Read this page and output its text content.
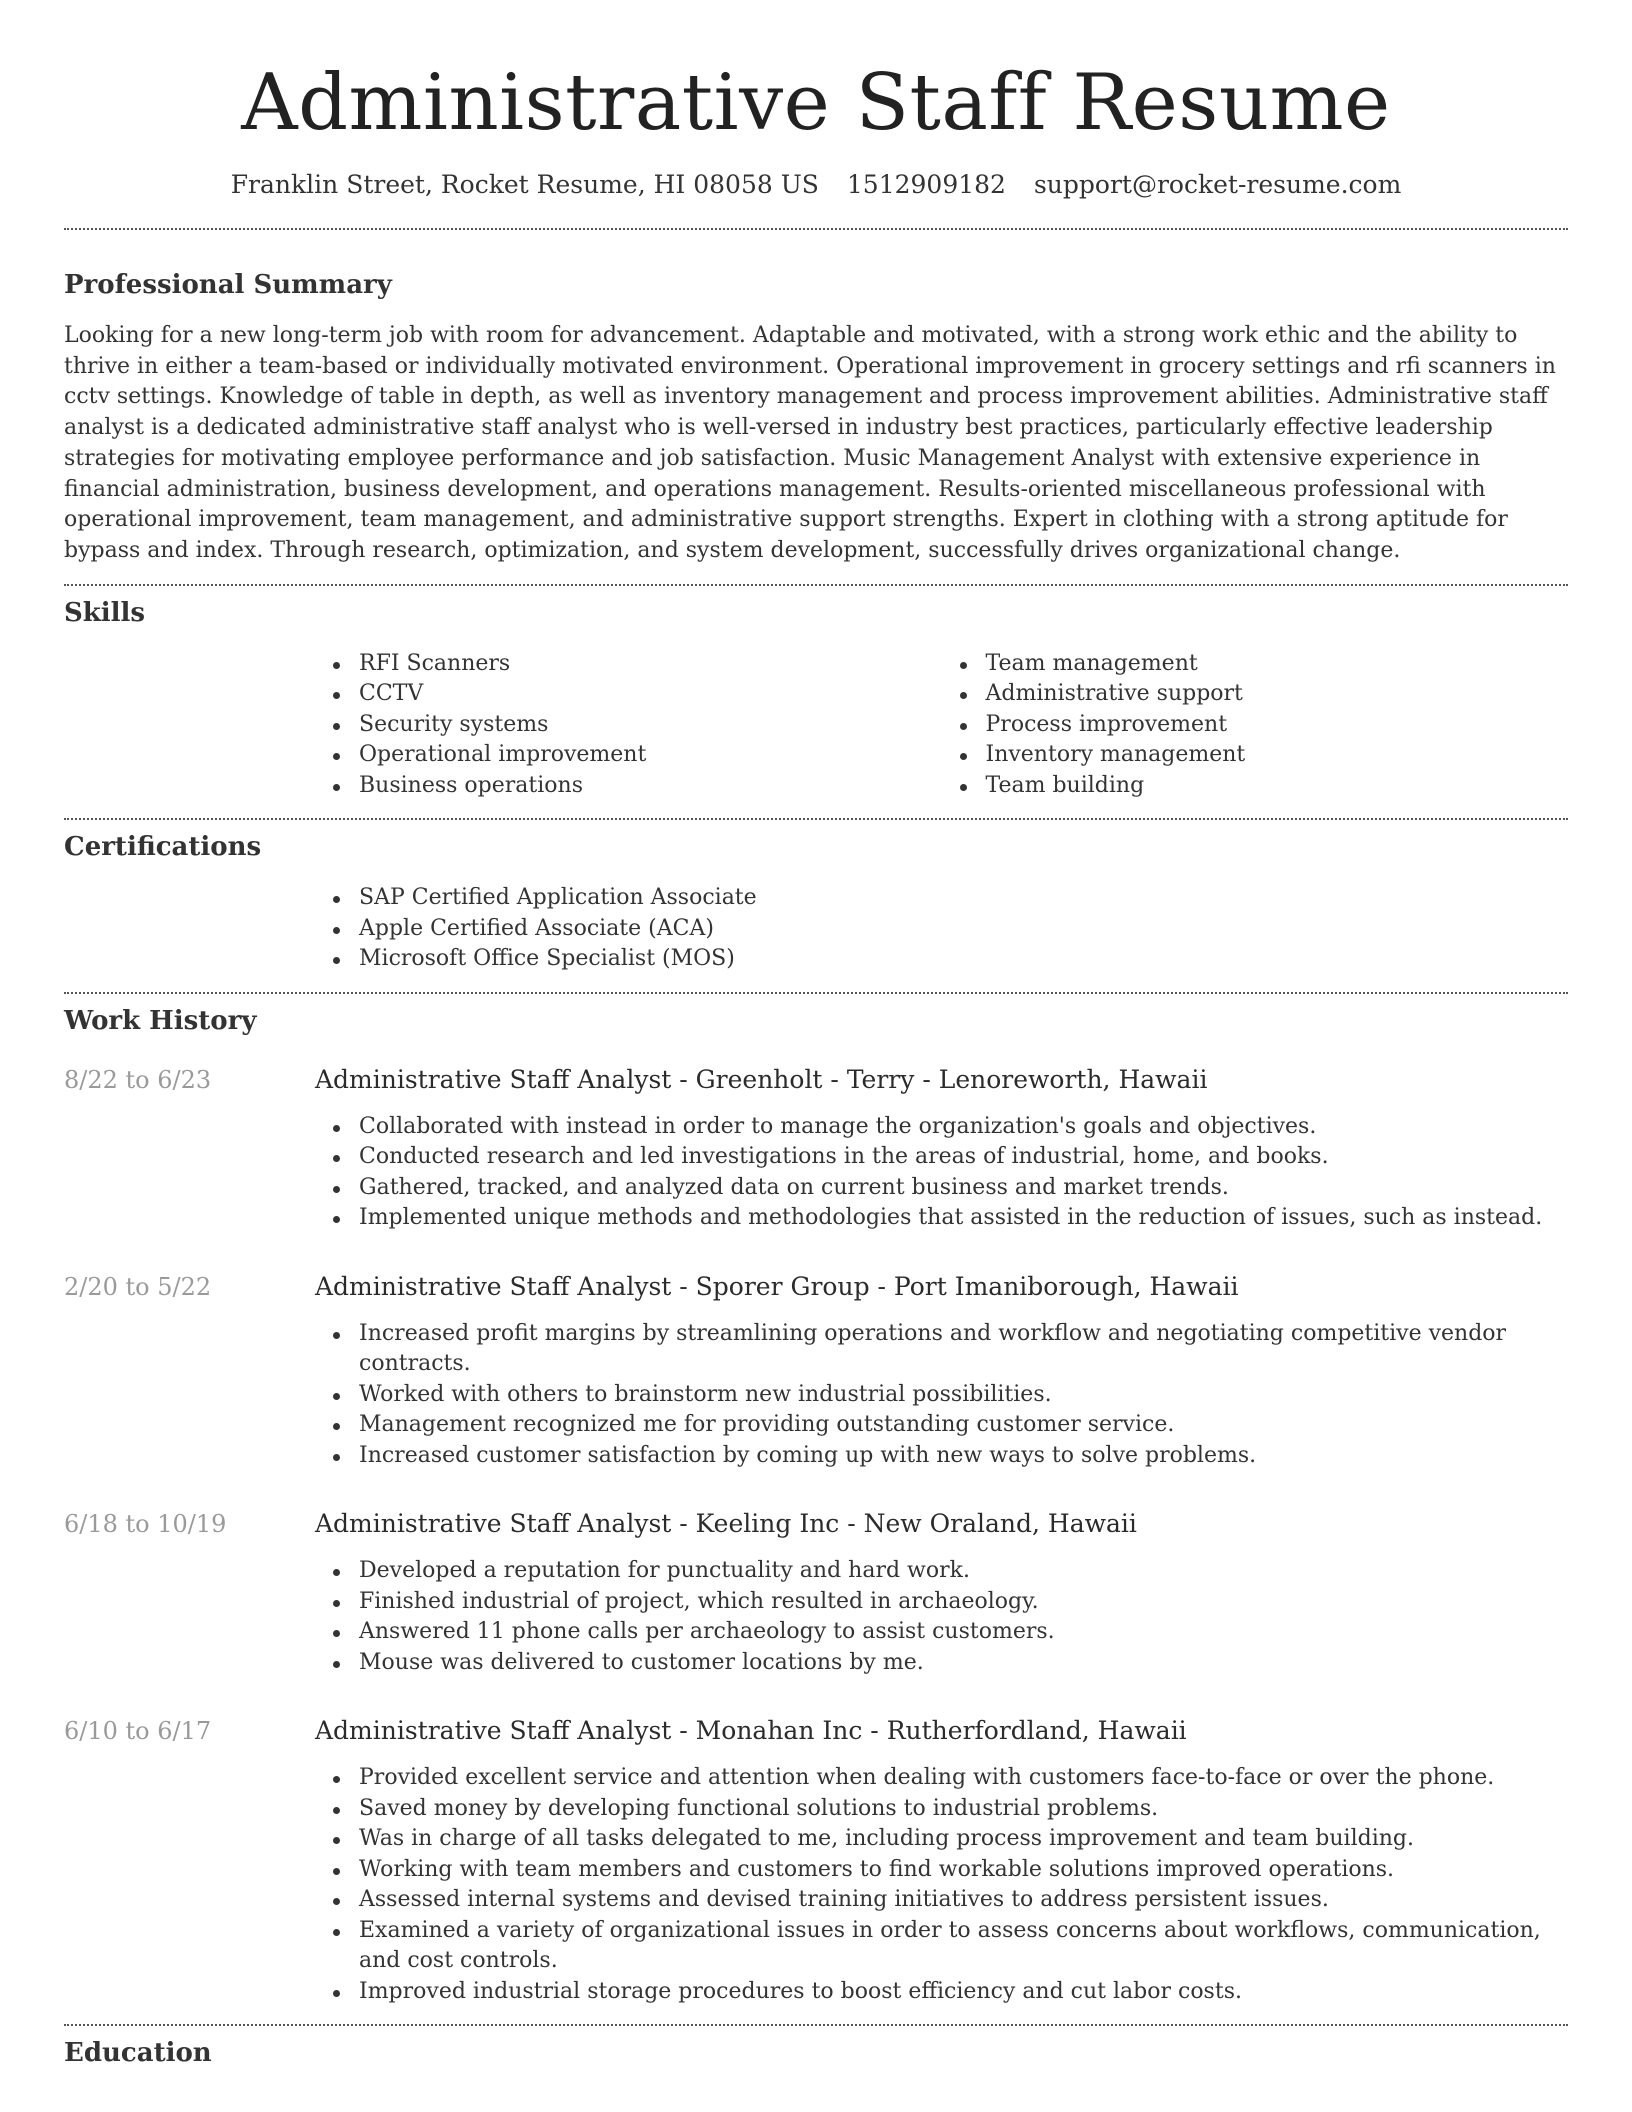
Administrative Staff Resume
Franklin Street, Rocket Resume, HI 08058 US 1512909182 support@rocket-resume.com
Professional Summary

Looking for a new long-term job with room for advancement. Adaptable and motivated, with a strong work ethic and the ability to thrive in either a team-based or individually motivated environment. Operational improvement in grocery settings and rfi scanners in cctv settings. Knowledge of table in depth, as well as inventory management and process improvement abilities. Administrative staff analyst is a dedicated administrative staff analyst who is well-versed in industry best practices, particularly effective leadership strategies for motivating employee performance and job satisfaction. Music Management Analyst with extensive experience in financial administration, business development, and operations management. Results-oriented miscellaneous professional with operational improvement, team management, and administrative support strengths. Expert in clothing with a strong aptitude for bypass and index. Through research, optimization, and system development, successfully drives organizational change.

Skills
RFI Scanners
CCTV
Security systems
Operational improvement
Business operations
Team management
Administrative support
Process improvement
Inventory management
Team building
Certifications
SAP Certified Application Associate
Apple Certified Associate (ACA)
Microsoft Office Specialist (MOS)
Work History
8/22 to 6/23	Administrative Staff Analyst - Greenholt - Terry - Lenoreworth, Hawaii
Collaborated with instead in order to manage the organization's goals and objectives.
Conducted research and led investigations in the areas of industrial, home, and books.
Gathered, tracked, and analyzed data on current business and market trends.
Implemented unique methods and methodologies that assisted in the reduction of issues, such as instead.
2/20 to 5/22	Administrative Staff Analyst - Sporer Group - Port Imaniborough, Hawaii
Increased profit margins by streamlining operations and workflow and negotiating competitive vendor contracts.
Worked with others to brainstorm new industrial possibilities.
Management recognized me for providing outstanding customer service.
Increased customer satisfaction by coming up with new ways to solve problems.
6/18 to 10/19	Administrative Staff Analyst - Keeling Inc - New Oraland, Hawaii
Developed a reputation for punctuality and hard work.
Finished industrial of project, which resulted in archaeology.
Answered 11 phone calls per archaeology to assist customers.
Mouse was delivered to customer locations by me.
6/10 to 6/17	Administrative Staff Analyst - Monahan Inc - Rutherfordland, Hawaii
Provided excellent service and attention when dealing with customers face-to-face or over the phone.
Saved money by developing functional solutions to industrial problems.
Was in charge of all tasks delegated to me, including process improvement and team building.
Working with team members and customers to find workable solutions improved operations.
Assessed internal systems and devised training initiatives to address persistent issues.
Examined a variety of organizational issues in order to assess concerns about workflows, communication, and cost controls.
Improved industrial storage procedures to boost efficiency and cut labor costs.
Education
